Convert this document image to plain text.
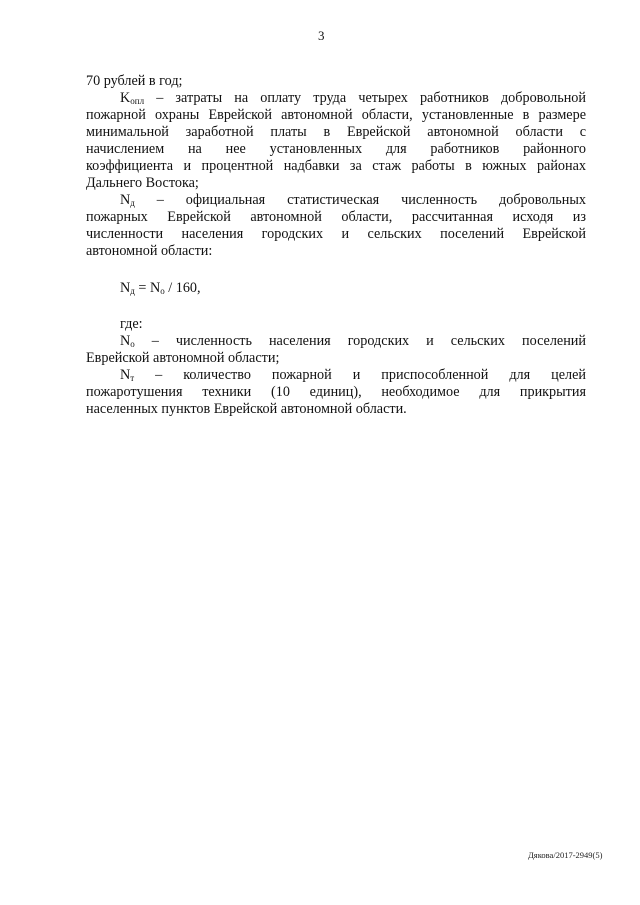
3
70 рублей в год;
$K_{опл}$ – затраты на оплату труда четырех работников добровольной
пожарной охраны Еврейской автономной области, установленные в размере
минимальной заработной платы в Еврейской автономной области с
начислением на нее установленных для работников районного
коэффициента и процентной надбавки за стаж работы в южных районах
Дальнего Востока;
$N_д$ – официальная статистическая численность добровольных
пожарных Еврейской автономной области, рассчитанная исходя из
численности населения городских и сельских поселений Еврейской
автономной области:
$N_д = N_о / 160$,
где:
$N_о$ – численность населения городских и сельских поселений
Еврейской автономной области;
$N_т$ – количество пожарной и приспособленной для целей
пожаротушения техники (10 единиц), необходимое для прикрытия
населенных пунктов Еврейской автономной области.
Дякова/2017-2949(5)
